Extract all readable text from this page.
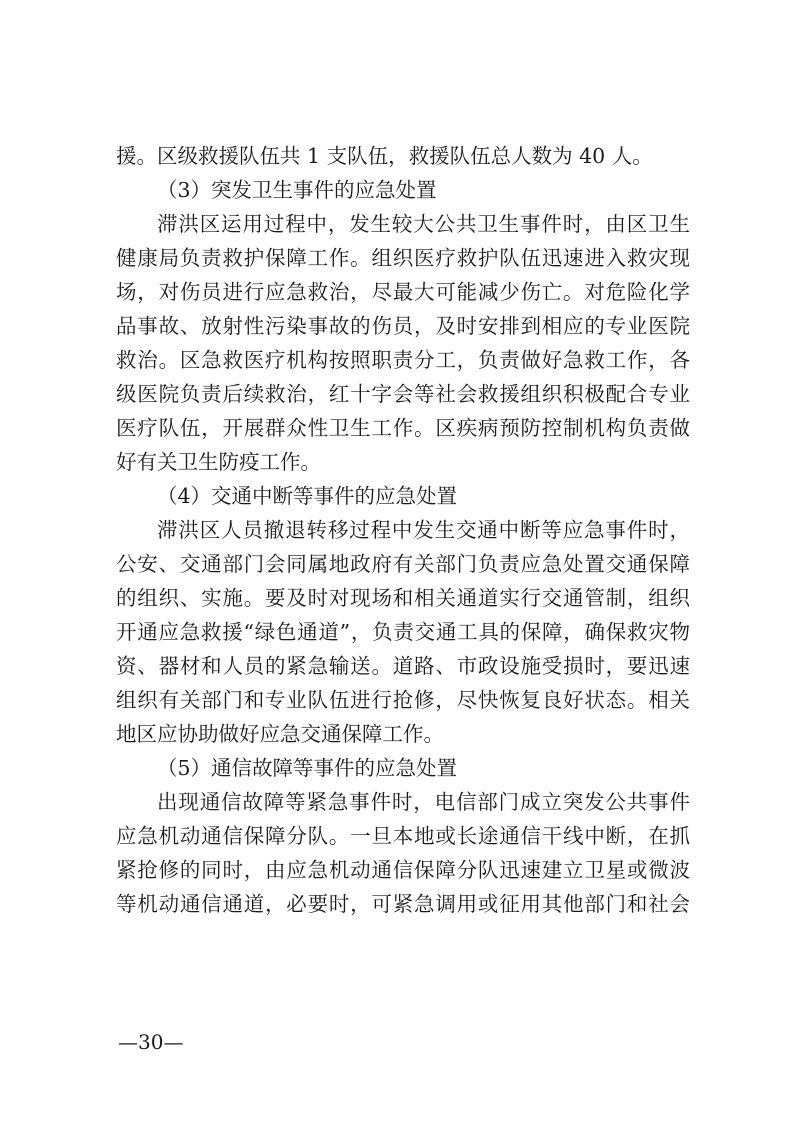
援。区级救援队伍共 1 支队伍，救援队伍总人数为 40 人。
（3）突发卫生事件的应急处置
滞洪区运用过程中，发生较大公共卫生事件时，由区卫生
健康局负责救护保障工作。组织医疗救护队伍迅速进入救灾现
场，对伤员进行应急救治，尽最大可能减少伤亡。对危险化学
品事故、放射性污染事故的伤员，及时安排到相应的专业医院
救治。区急救医疗机构按照职责分工，负责做好急救工作，各
级医院负责后续救治，红十字会等社会救援组织积极配合专业
医疗队伍，开展群众性卫生工作。区疾病预防控制机构负责做
好有关卫生防疫工作。
（4）交通中断等事件的应急处置
滞洪区人员撤退转移过程中发生交通中断等应急事件时，
公安、交通部门会同属地政府有关部门负责应急处置交通保障
的组织、实施。要及时对现场和相关通道实行交通管制，组织
开通应急救援“绿色通道”，负责交通工具的保障，确保救灾物
资、器材和人员的紧急输送。道路、市政设施受损时，要迅速
组织有关部门和专业队伍进行抢修，尽快恢复良好状态。相关
地区应协助做好应急交通保障工作。
（5）通信故障等事件的应急处置
出现通信故障等紧急事件时，电信部门成立突发公共事件
应急机动通信保障分队。一旦本地或长途通信干线中断，在抓
紧抢修的同时，由应急机动通信保障分队迅速建立卫星或微波
等机动通信通道，必要时，可紧急调用或征用其他部门和社会
—30—
